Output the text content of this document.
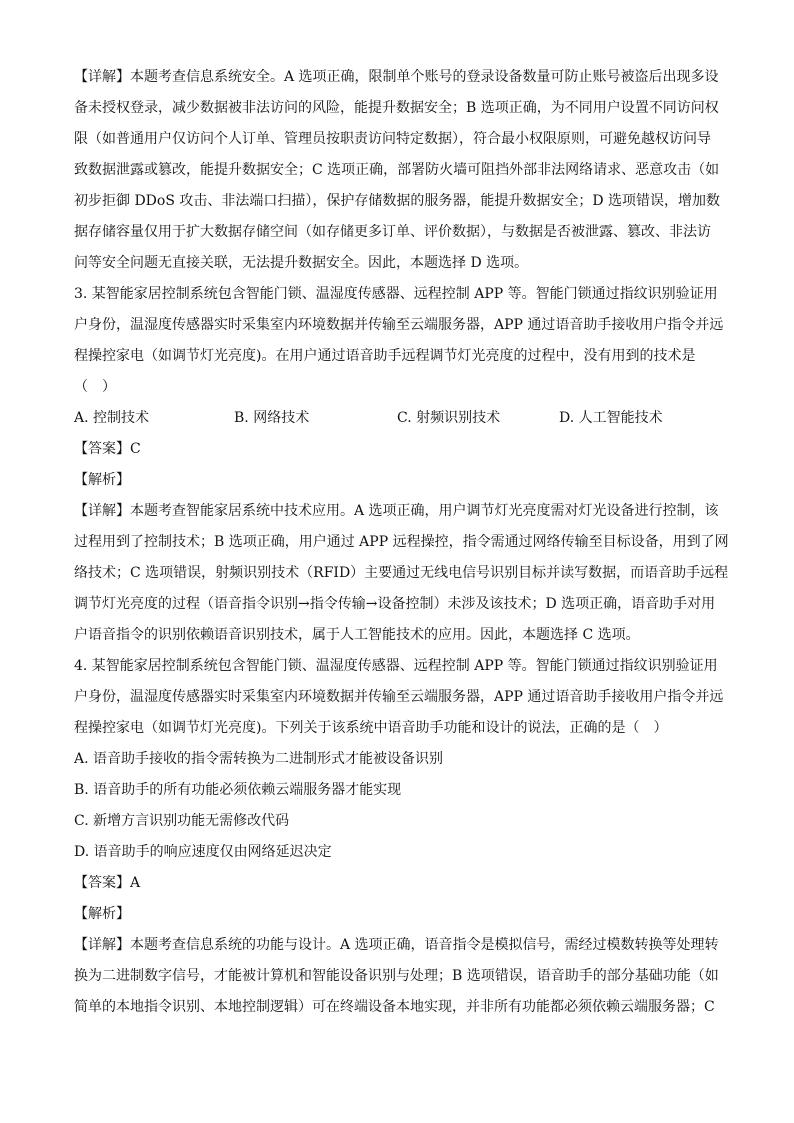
【详解】本题考查信息系统安全。A 选项正确，限制单个账号的登录设备数量可防止账号被盗后出现多设
备未授权登录，减少数据被非法访问的风险，能提升数据安全；B 选项正确，为不同用户设置不同访问权
限（如普通用户仅访问个人订单、管理员按职责访问特定数据），符合最小权限原则，可避免越权访问导
致数据泄露或篡改，能提升数据安全；C 选项正确，部署防火墙可阻挡外部非法网络请求、恶意攻击（如
初步拒御 DDoS 攻击、非法端口扫描），保护存储数据的服务器，能提升数据安全；D 选项错误，增加数
据存储容量仅用于扩大数据存储空间（如存储更多订单、评价数据），与数据是否被泄露、篡改、非法访
问等安全问题无直接关联，无法提升数据安全。因此，本题选择 D 选项。
3. 某智能家居控制系统包含智能门锁、温湿度传感器、远程控制 APP 等。智能门锁通过指纹识别验证用
户身份，温湿度传感器实时采集室内环境数据并传输至云端服务器，APP 通过语音助手接收用户指令并远
程操控家电（如调节灯光亮度)。在用户通过语音助手远程调节灯光亮度的过程中，没有用到的技术是
（　）
A. 控制技术	B. 网络技术	C. 射频识别技术	D. 人工智能技术
【答案】C
【解析】
【详解】本题考查智能家居系统中技术应用。A 选项正确，用户调节灯光亮度需对灯光设备进行控制，该
过程用到了控制技术；B 选项正确，用户通过 APP 远程操控，指令需通过网络传输至目标设备，用到了网
络技术；C 选项错误，射频识别技术（RFID）主要通过无线电信号识别目标并读写数据，而语音助手远程
调节灯光亮度的过程（语音指令识别→指令传输→设备控制）未涉及该技术；D 选项正确，语音助手对用
户语音指令的识别依赖语音识别技术，属于人工智能技术的应用。因此，本题选择 C 选项。
4. 某智能家居控制系统包含智能门锁、温湿度传感器、远程控制 APP 等。智能门锁通过指纹识别验证用
户身份，温湿度传感器实时采集室内环境数据并传输至云端服务器，APP 通过语音助手接收用户指令并远
程操控家电（如调节灯光亮度)。下列关于该系统中语音助手功能和设计的说法，正确的是（　）
A. 语音助手接收的指令需转换为二进制形式才能被设备识别
B. 语音助手的所有功能必须依赖云端服务器才能实现
C. 新增方言识别功能无需修改代码
D. 语音助手的响应速度仅由网络延迟决定
【答案】A
【解析】
【详解】本题考查信息系统的功能与设计。A 选项正确，语音指令是模拟信号，需经过模数转换等处理转
换为二进制数字信号，才能被计算机和智能设备识别与处理；B 选项错误，语音助手的部分基础功能（如
简单的本地指令识别、本地控制逻辑）可在终端设备本地实现，并非所有功能都必须依赖云端服务器；C
